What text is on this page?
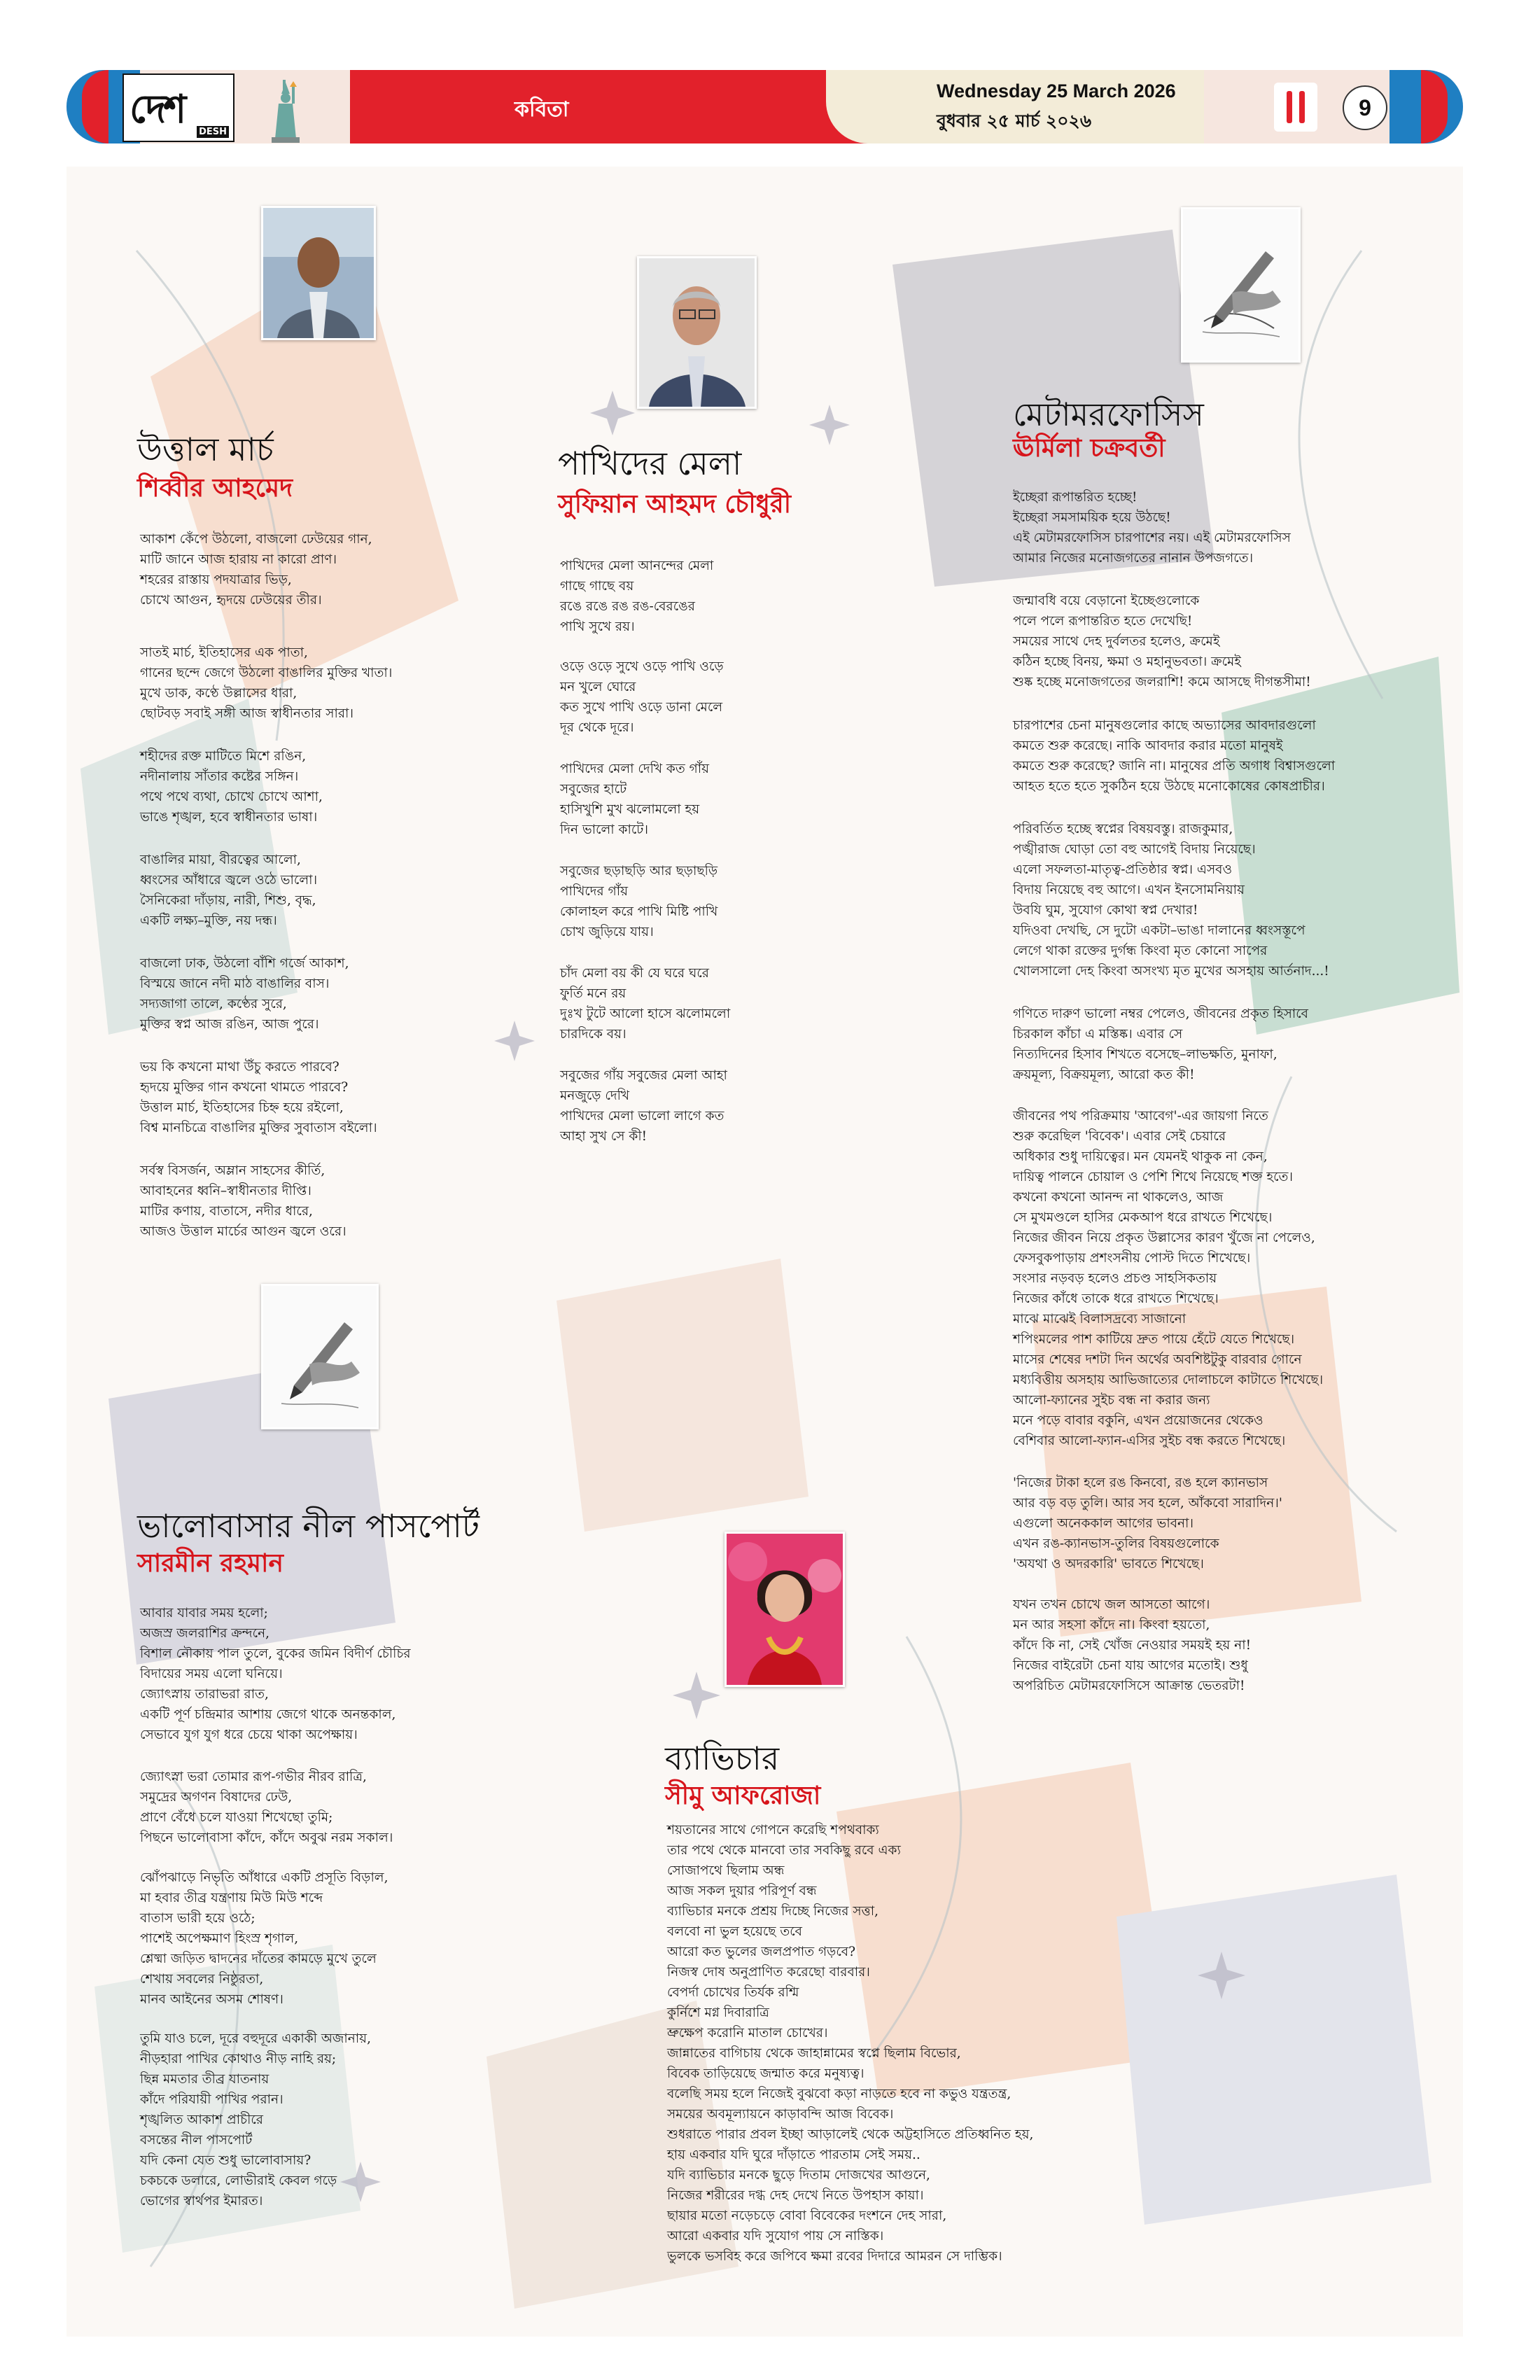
দেশ DESH
কবিতা
Wednesday 25 March 2026
বুধবার ২৫ মার্চ ২০২৬
9
উত্তাল মার্চ
শিব্বীর আহমেদ

আকাশ কেঁপে উঠলো, বাজলো ঢেউয়ের গান,
মাটি জানে আজ হারায় না কারো প্রাণ।
শহরের রাস্তায় পদযাত্রার ভিড়,
চোখে আগুন, হৃদয়ে ঢেউয়ের তীর।

সাতই মার্চ, ইতিহাসের এক পাতা,
গানের ছন্দে জেগে উঠলো বাঙালির মুক্তির খাতা।
মুখে ডাক, কণ্ঠে উল্লাসের ধারা,
ছোটবড় সবাই সঙ্গী আজ স্বাধীনতার সারা।

শহীদের রক্ত মাটিতে মিশে রঙিন,
নদীনালায় সাঁতার কষ্টের সঙ্গিন।
পথে পথে ব্যথা, চোখে চোখে আশা,
ভাঙে শৃঙ্খল, হবে স্বাধীনতার ভাষা।

বাঙালির মায়া, বীরত্বের আলো,
ধ্বংসের আঁধারে জ্বলে ওঠে ভালো।
সৈনিকেরা দাঁড়ায়, নারী, শিশু, বৃদ্ধ,
একটি লক্ষ্য–মুক্তি, নয় দন্ধ।

বাজলো ঢাক, উঠলো বাঁশি গর্জে আকাশ,
বিস্ময়ে জানে নদী মাঠ বাঙালির বাস।
সদ্যজাগা তালে, কণ্ঠের সুরে,
মুক্তির স্বপ্ন আজ রঙিন, আজ পুরে।

ভয় কি কখনো মাথা উঁচু করতে পারবে?
হৃদয়ে মুক্তির গান কখনো থামতে পারবে?
উত্তাল মার্চ, ইতিহাসের চিহ্ন হয়ে রইলো,
বিশ্ব মানচিত্রে বাঙালির মুক্তির সুবাতাস বইলো।

সর্বস্ব বিসর্জন, অম্লান সাহসের কীর্তি,
আবাহনের ধ্বনি–স্বাধীনতার দীপ্তি।
মাটির কণায়, বাতাসে, নদীর ধারে,
আজও উত্তাল মার্চের আগুন জ্বলে ওরে।

পাখিদের মেলা
সুফিয়ান আহমদ চৌধুরী

পাখিদের মেলা আনন্দের মেলা
গাছে গাছে বয়
রঙে রঙে রঙ রঙ-বেরঙের
পাখি সুখে রয়।

ওড়ে ওড়ে সুখে ওড়ে পাখি ওড়ে
মন খুলে ঘোরে
কত সুখে পাখি ওড়ে ডানা মেলে
দূর থেকে দূরে।

পাখিদের মেলা দেখি কত গাঁয়
সবুজের হাটে
হাসিখুশি মুখ ঝলোমলো হয়
দিন ভালো কাটে।

সবুজের ছড়াছড়ি আর ছড়াছড়ি
পাখিদের গাঁয়
কোলাহল করে পাখি মিষ্টি পাখি
চোখ জুড়িয়ে যায়।

চাঁদ মেলা বয় কী যে ঘরে ঘরে
ফুর্তি মনে রয়
দুঃখ টুটে আলো হাসে ঝলোমলো
চারদিকে বয়।

সবুজের গাঁয় সবুজের মেলা আহা
মনজুড়ে দেখি
পাখিদের মেলা ভালো লাগে কত
আহা সুখ সে কী!

মেটামরফোসিস
ঊর্মিলা চক্রবর্তী

ইচ্ছেরা রূপান্তরিত হচ্ছে!
ইচ্ছেরা সমসাময়িক হয়ে উঠছে!
এই মেটামরফোসিস চারপাশের নয়। এই মেটামরফোসিস
আমার নিজের মনোজগতের নানান উপজগতে।

জন্মাবধি বয়ে বেড়ানো ইচ্ছেগুলোকে
পলে পলে রূপান্তরিত হতে দেখেছি!
সময়ের সাথে দেহ দুর্বলতর হলেও, ক্রমেই
কঠিন হচ্ছে বিনয়, ক্ষমা ও মহানুভবতা। ক্রমেই
শুষ্ক হচ্ছে মনোজগতের জলরাশি! কমে আসছে দীগন্তসীমা!

চারপাশের চেনা মানুষগুলোর কাছে অভ্যাসের আবদারগুলো
কমতে শুরু করেছে। নাকি আবদার করার মতো মানুষই
কমতে শুরু করেছে? জানি না। মানুষের প্রতি অগাধ বিশ্বাসগুলো
আহত হতে হতে সুকঠিন হয়ে উঠছে মনোকোষের কোষপ্রাচীর।

পরিবর্তিত হচ্ছে স্বপ্নের বিষয়বস্তু। রাজকুমার,
পঙ্খীরাজ ঘোড়া তো বহু আগেই বিদায় নিয়েছে।
এলো সফলতা-মাতৃত্ব-প্রতিষ্ঠার স্বপ্ন। এসবও
বিদায় নিয়েছে বহু আগে। এখন ইনসোমনিয়ায়
উবযি ঘুম, সুযোগ কোথা স্বপ্ন দেখার!
যদিওবা দেখছি, সে দুটো একটা–ভাঙা দালানের ধ্বংসস্তূপে
লেগে থাকা রক্তের দুর্গন্ধ কিংবা মৃত কোনো সাপের
খোলসালো দেহ কিংবা অসংখ্য মৃত মুখের অসহায় আর্তনাদ...!

গণিতে দারুণ ভালো নম্বর পেলেও, জীবনের প্রকৃত হিসাবে
চিরকাল কাঁচা এ মস্তিষ্ক। এবার সে
নিত্যদিনের হিসাব শিখতে বসেছে–লাভক্ষতি, মুনাফা,
ক্রয়মূল্য, বিক্রয়মূল্য, আরো কত কী!

জীবনের পথ পরিক্রমায় 'আবেগ'-এর জায়গা নিতে
শুরু করেছিল 'বিবেক'। এবার সেই চেয়ারে
অধিকার শুধু দায়িত্বের। মন যেমনই থাকুক না কেন,
দায়িত্ব পালনে চোয়াল ও পেশি শিথে নিয়েছে শক্ত হতে।
কখনো কখনো আনন্দ না থাকলেও, আজ
সে মুখমণ্ডলে হাসির মেকআপ ধরে রাখতে শিখেছে।
নিজের জীবন নিয়ে প্রকৃত উল্লাসের কারণ খুঁজে না পেলেও,
ফেসবুকপাড়ায় প্রশংসনীয় পোস্ট দিতে শিখেছে।
সংসার নড়বড় হলেও প্রচণ্ড সাহসিকতায়
নিজের কাঁধে তাকে ধরে রাখতে শিখেছে।
মাঝে মাঝেই বিলাসদ্রব্যে সাজানো
শপিংমলের পাশ কাটিয়ে দ্রুত পায়ে হেঁটে যেতে শিখেছে।
মাসের শেষের দশটা দিন অর্থের অবশিষ্টটুকু বারবার গোনে
মধ্যবিত্তীয় অসহায় আভিজাত্যের দোলাচলে কাটাতে শিখেছে।
আলো-ফ্যানের সুইচ বন্ধ না করার জন্য
মনে পড়ে বাবার বকুনি, এখন প্রয়োজনের থেকেও
বেশিবার আলো-ফ্যান-এসির সুইচ বন্ধ করতে শিখেছে।

'নিজের টাকা হলে রঙ কিনবো, রঙ হলে ক্যানভাস
আর বড় বড় তুলি। আর সব হলে, আঁকবো সারাদিন।'
এগুলো অনেককাল আগের ভাবনা।
এখন রঙ-ক্যানভাস-তুলির বিষয়গুলোকে
'অযথা ও অদরকারি' ভাবতে শিখেছে।

যখন তখন চোখে জল আসতো আগে।
মন আর সহসা কাঁদে না। কিংবা হয়তো,
কাঁদে কি না, সেই খোঁজ নেওয়ার সময়ই হয় না!
নিজের বাইরেটা চেনা যায় আগের মতোই। শুধু
অপরিচিত মেটামরফোসিসে আক্রান্ত ভেতরটা!

ভালোবাসার নীল পাসপোর্ট
সারমীন রহমান

আবার যাবার সময় হলো;
অজস্র জলরাশির ক্রন্দনে,
বিশাল নৌকায় পাল তুলে, বুকের জমিন বিদীর্ণ চৌচির
বিদায়ের সময় এলো ঘনিয়ে।
জ্যোৎস্নায় তারাভরা রাত,
একটি পূর্ণ চন্দ্রিমার আশায় জেগে থাকে অনন্তকাল,
সেভাবে যুগ যুগ ধরে চেয়ে থাকা অপেক্ষায়।

জ্যোৎস্না ভরা তোমার রূপ-গভীর নীরব রাত্রি,
সমুদ্রের অগণন বিষাদের ঢেউ,
প্রাণে বেঁধে চলে যাওয়া শিখেছো তুমি;
পিছনে ভালোবাসা কাঁদে, কাঁদে অবুঝ নরম সকাল।

ঝোঁপঝাড়ে নিভৃতি আঁধারে একটি প্রসূতি বিড়াল,
মা হবার তীব্র যন্ত্রণায় মিউ মিউ শব্দে
বাতাস ভারী হয়ে ওঠে;
পাশেই অপেক্ষমাণ হিংস্র শৃগাল,
শ্লেষ্মা জড়িত দ্বাদনের দাঁতের কামড়ে মুখে তুলে
শেখায় সবলের নিষ্ঠুরতা,
মানব আইনের অসম শোষণ।

তুমি যাও চলে, দূরে বহুদূরে একাকী অজানায়,
নীড়হারা পাখির কোথাও নীড় নাহি রয়;
ছিন্ন মমতার তীব্র যাতনায়
কাঁদে পরিযায়ী পাখির পরান।
শৃঙ্খলিত আকাশ প্রাচীরে
বসন্তের নীল পাসপোর্ট
যদি কেনা যেত শুধু ভালোবাসায়?
চকচকে ডলারে, লোভীরাই কেবল গড়ে
ভোগের স্বার্থপর ইমারত।

ব্যাভিচার
সীমু আফরোজা

শয়তানের সাথে গোপনে করেছি শপথবাক্য
তার পথে থেকে মানবো তার সবকিছু রবে এক্য
সোজাপথে ছিলাম অন্ধ
আজ সকল দুয়ার পরিপূর্ণ বন্ধ
ব্যাভিচার মনকে প্রশ্রয় দিচ্ছে নিজের সত্তা,
বলবো না ভুল হয়েছে তবে
আরো কত ভুলের জলপ্রপাত গড়বে?
নিজস্ব দোষ অনুপ্রাণিত করেছো বারবার।
বেপর্দা চোখের তির্যক রশ্মি
কুর্নিশে মগ্ন দিবারাত্রি
ভ্রুক্ষেপ করোনি মাতাল চোখের।
জান্নাতের বাগিচায় থেকে জাহান্নামের স্বপ্নে ছিলাম বিভোর,
বিবেক তাড়িয়েছে জন্মাত করে মনুষ্যত্ব।
বলেছি সময় হলে নিজেই বুঝবো কড়া নাড়তে হবে না কভুও যন্ত্রতন্ত্র,
সময়ের অবমূল্যায়নে কাড়াবন্দি আজ বিবেক।
শুধরাতে পারার প্রবল ইচ্ছা আড়ালেই থেকে অট্টহাসিতে প্রতিধ্বনিত হয়,
হায় একবার যদি ঘুরে দাঁড়াতে পারতাম সেই সময়..
যদি ব্যাভিচার মনকে ছুড়ে দিতাম দোজখের আগুনে,
নিজের শরীরের দগ্ধ দেহ দেখে নিতে উপহাস কায়া।
ছায়ার মতো নড়েচড়ে বোবা বিবেকের দংশনে দেহ সারা,
আরো একবার যদি সুযোগ পায় সে নাস্তিক।
ভুলকে ভসবিহ করে জপিবে ক্ষমা রবের দিদারে আমরন সে দাম্ভিক।
